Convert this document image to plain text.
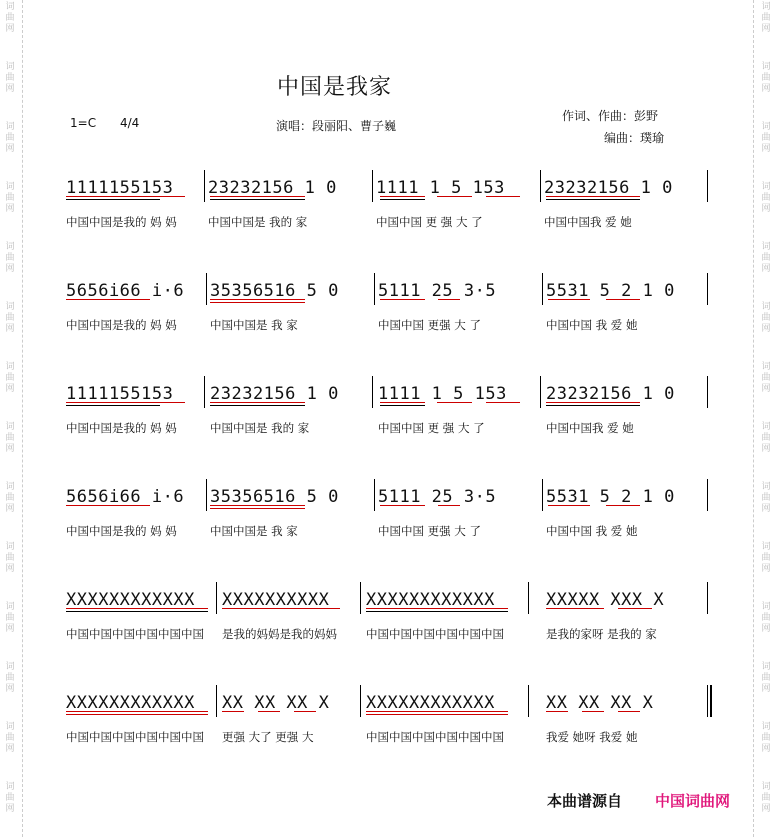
词
曲
网
词
曲
网
词
曲
网
词
曲
网
词
曲
网
词
曲
网
词
曲
网
词
曲
网
词
曲
网
词
曲
网
词
曲
网
词
曲
网
词
曲
网
词
曲
网
词
曲
网
词
曲
网
词
曲
网
词
曲
网
词
曲
网
词
曲
网
词
曲
网
词
曲
网
词
曲
网
词
曲
网
词
曲
网
词
曲
网
词
曲
网
词
曲
网
中国是我家
1=C 4/4	演唱：段丽阳、曹子巍
作词、作曲：彭野
编曲：璞瑜
1111155153
中国中国是我的 妈 妈
23232156 1 0
中国中国是 我的 家
1111 1 5 153
中国中国 更 强 大 了
23232156 1 0
中国中国我 爱 她
5656i66 i·6
中国中国是我的 妈 妈
35356516 5 0
中国中国是 我 家
5111 25 3·5
中国中国 更强 大 了
5531 5 2 1 0
中国中国 我 爱 她
1111155153
中国中国是我的 妈 妈
23232156 1 0
中国中国是 我的 家
1111 1 5 153
中国中国 更 强 大 了
23232156 1 0
中国中国我 爱 她
5656i66 i·6
中国中国是我的 妈 妈
35356516 5 0
中国中国是 我 家
5111 25 3·5
中国中国 更强 大 了
5531 5 2 1 0
中国中国 我 爱 她
XXXXXXXXXXXX
中国中国中国中国中国中国
XXXXXXXXXX
是我的妈妈是我的妈妈
XXXXXXXXXXXX
中国中国中国中国中国中国
XXXXX XXX X
是我的家呀 是我的 家
XXXXXXXXXXXX
中国中国中国中国中国中国
XX XX XX X
更强 大了 更强 大
XXXXXXXXXXXX
中国中国中国中国中国中国
XX XX XX X
我爱 她呀 我爱 她
本曲谱源自 中国词曲网
